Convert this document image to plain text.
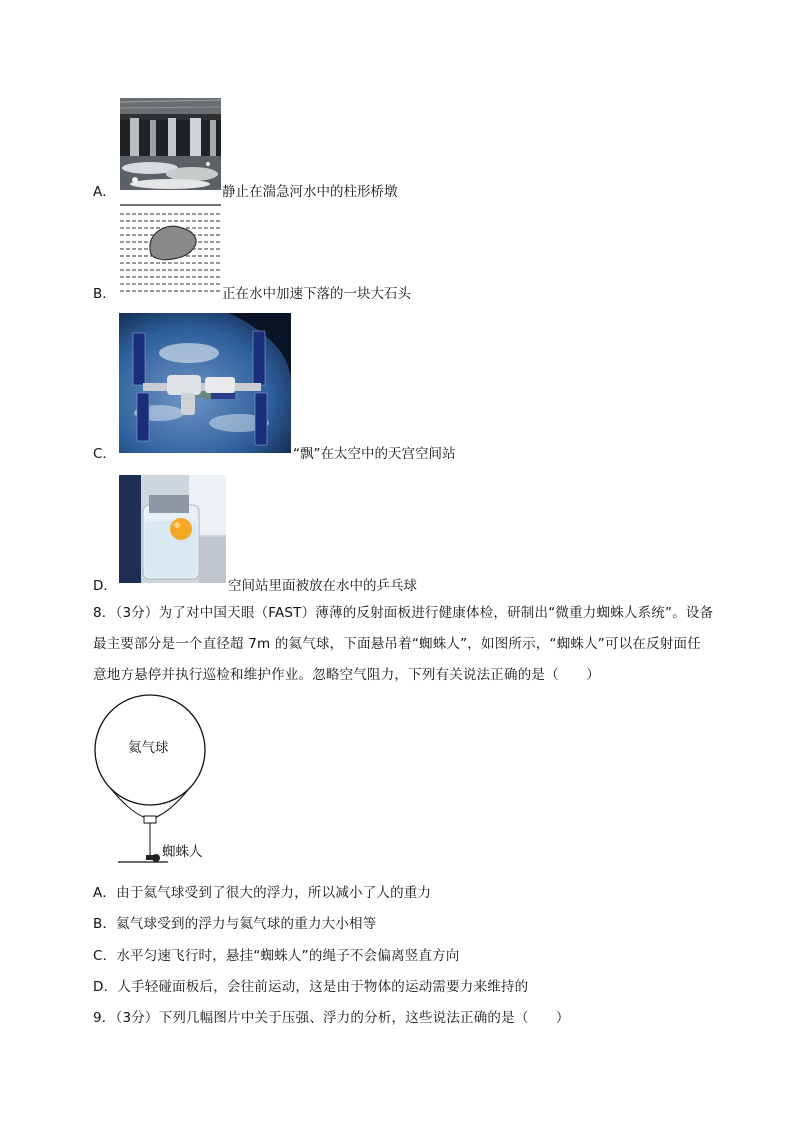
A．	静止在湍急河水中的柱形桥墩
B．	正在水中加速下落的一块大石头
C．	“飘”在太空中的天宫空间站
D．	空间站里面被放在水中的乒乓球
8．（3分）为了对中国天眼（FAST）薄薄的反射面板进行健康体检，研制出“微重力蜘蛛人系统”。设备
最主要部分是一个直径超 7m 的氦气球，下面悬吊着“蜘蛛人”，如图所示，“蜘蛛人”可以在反射面任
意地方悬停并执行巡检和维护作业。忽略空气阻力，下列有关说法正确的是（　　）
氦气球
蜘蛛人
A．由于氦气球受到了很大的浮力，所以减小了人的重力
B．氦气球受到的浮力与氦气球的重力大小相等
C．水平匀速飞行时，悬挂“蜘蛛人”的绳子不会偏离竖直方向
D．人手轻碰面板后，会往前运动，这是由于物体的运动需要力来维持的
9．（3分）下列几幅图片中关于压强、浮力的分析，这些说法正确的是（　　）
